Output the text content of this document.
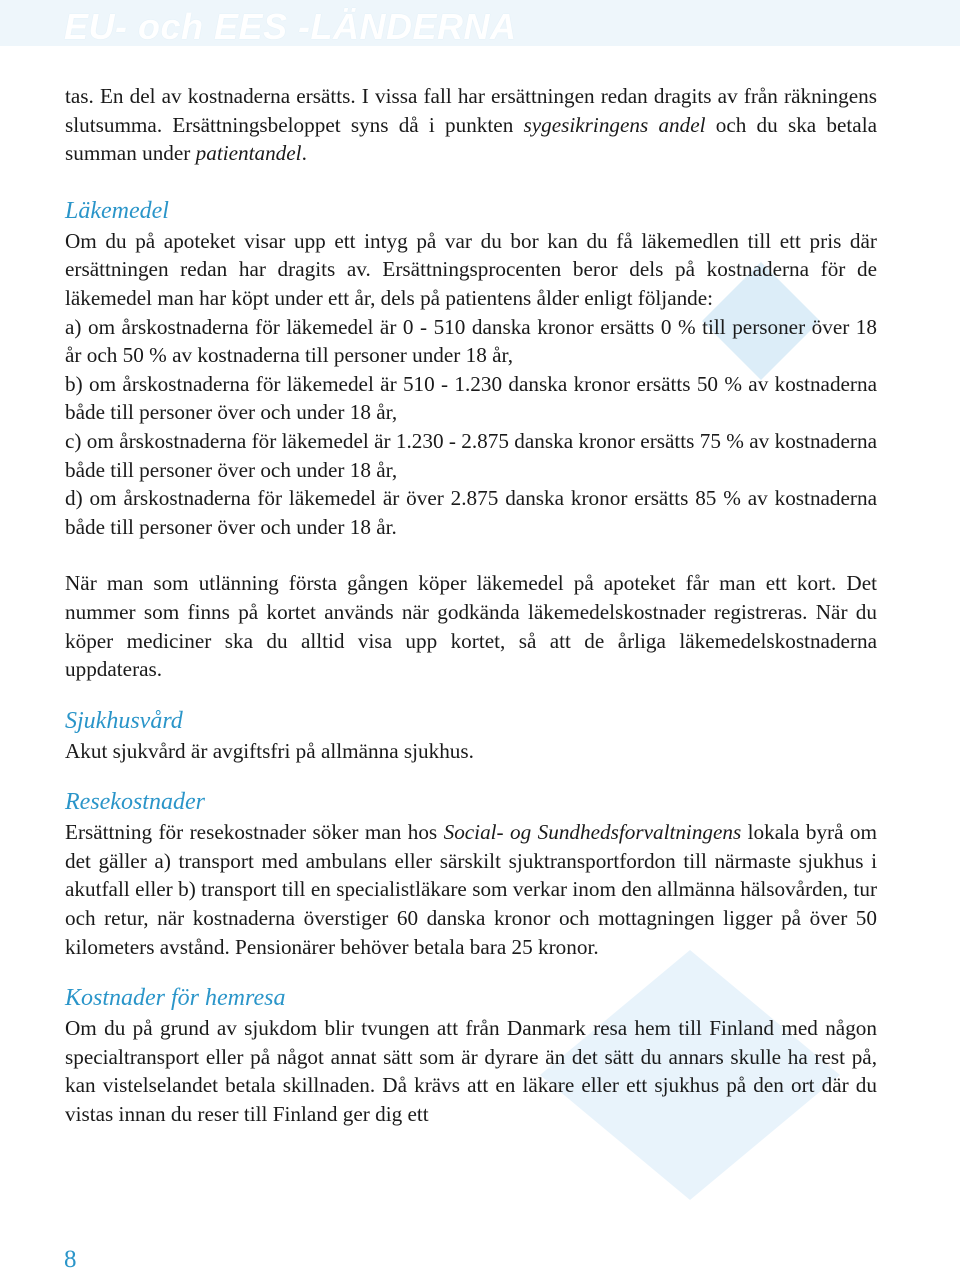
EU- och EES -LÄNDERNA

tas. En del av kostnaderna ersätts. I vissa fall har ersättningen redan dragits av från räkningens slutsumma. Ersättningsbeloppet syns då i punkten sygesikringens andel och du ska betala summan under patientandel.

Läkemedel

Om du på apoteket visar upp ett intyg på var du bor kan du få läkemedlen till ett pris där ersättningen redan har dragits av. Ersättningsprocenten beror dels på kostnaderna för de läkemedel man har köpt under ett år, dels på patientens ålder enligt följande:

a) om årskostnaderna för läkemedel är 0 - 510 danska kronor ersätts 0 % till personer över 18 år och 50 % av kostnaderna till personer under 18 år,

b) om årskostnaderna för läkemedel är 510 - 1.230 danska kronor ersätts 50 % av kostnaderna både till personer över och under 18 år,

c) om årskostnaderna för läkemedel är 1.230 - 2.875 danska kronor ersätts 75 % av kostnaderna både till personer över och under 18 år,

d) om årskostnaderna för läkemedel är över 2.875 danska kronor ersätts 85 % av kostnaderna både till personer över och under 18 år.

När man som utlänning första gången köper läkemedel på apoteket får man ett kort. Det nummer som finns på kortet används när godkända läkemedelskostnader registreras. När du köper mediciner ska du alltid visa upp kortet, så att de årliga läkemedelskostnaderna uppdateras.

Sjukhusvård

Akut sjukvård är avgiftsfri på allmänna sjukhus.

Resekostnader

Ersättning för resekostnader söker man hos Social- og Sundhedsforvaltningens lokala byrå om det gäller a) transport med ambulans eller särskilt sjuktransportfordon till närmaste sjukhus i akutfall eller b) transport till en specialistläkare som verkar inom den allmänna hälsovården, tur och retur, när kostnaderna överstiger 60 danska kronor och mottagningen ligger på över 50 kilometers avstånd. Pensionärer behöver betala bara 25 kronor.

Kostnader för hemresa

Om du på grund av sjukdom blir tvungen att från Danmark resa hem till Finland med någon specialtransport eller på något annat sätt som är dyrare än det sätt du annars skulle ha rest på, kan vistelselandet betala skillnaden. Då krävs att en läkare eller ett sjukhus på den ort där du vistas innan du reser till Finland ger dig ett

8
